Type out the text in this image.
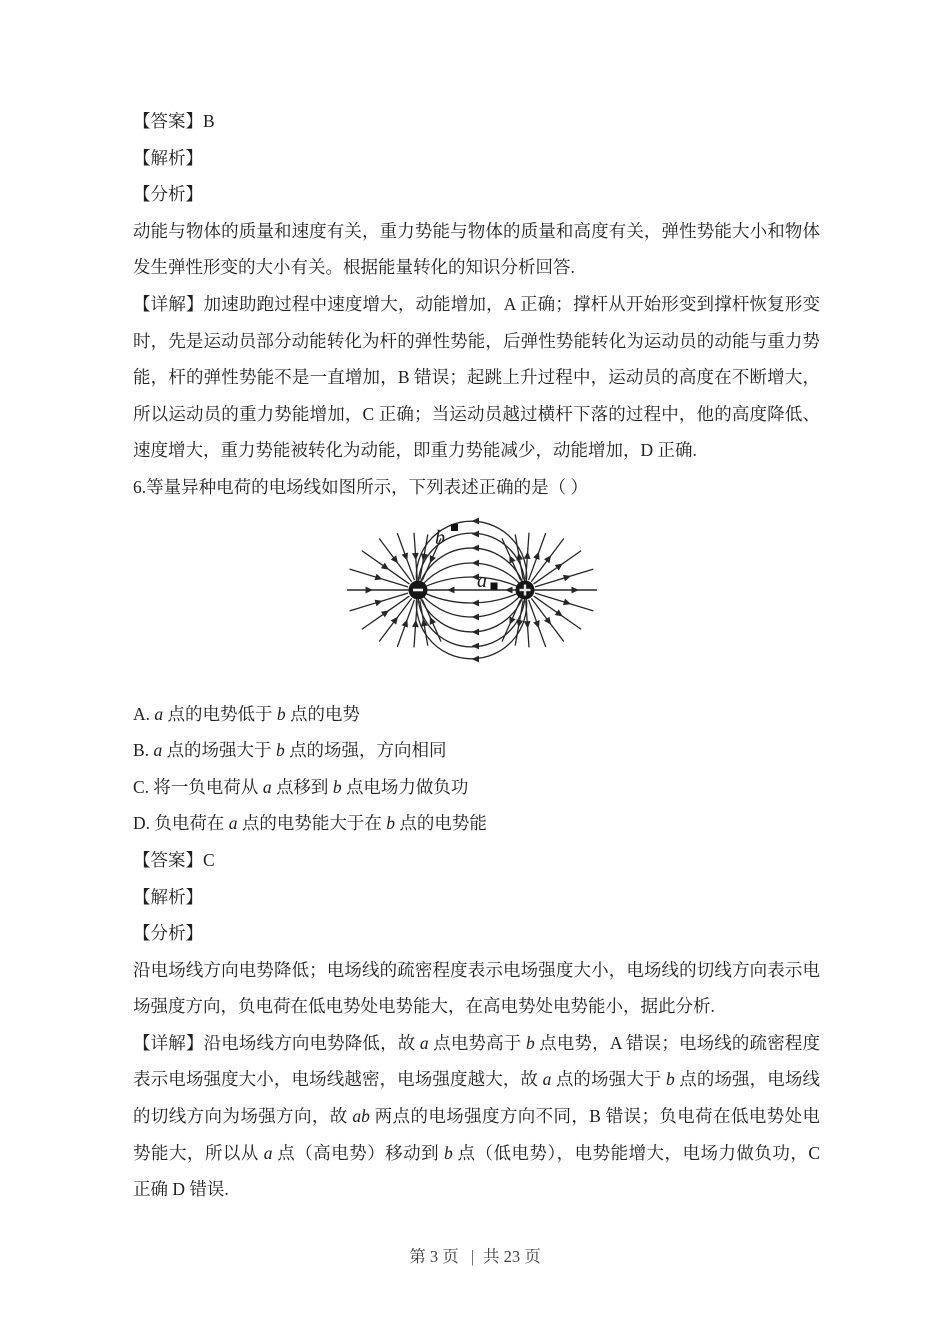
【答案】B

【解析】

【分析】

动能与物体的质量和速度有关，重力势能与物体的质量和高度有关，弹性势能大小和物体发生弹性形变的大小有关。根据能量转化的知识分析回答.

【详解】加速助跑过程中速度增大，动能增加，A 正确；撑杆从开始形变到撑杆恢复形变时，先是运动员部分动能转化为杆的弹性势能，后弹性势能转化为运动员的动能与重力势能，杆的弹性势能不是一直增加，B 错误；起跳上升过程中，运动员的高度在不断增大，所以运动员的重力势能增加，C 正确；当运动员越过横杆下落的过程中，他的高度降低、速度增大，重力势能被转化为动能，即重力势能减少，动能增加，D 正确.

6.等量异种电荷的电场线如图所示，下列表述正确的是（ ）

b
a

A. a 点的电势低于 b 点的电势

B. a 点的场强大于 b 点的场强，方向相同

C. 将一负电荷从 a 点移到 b 点电场力做负功

D. 负电荷在 a 点的电势能大于在 b 点的电势能

【答案】C

【解析】

【分析】

沿电场线方向电势降低；电场线的疏密程度表示电场强度大小，电场线的切线方向表示电场强度方向，负电荷在低电势处电势能大，在高电势处电势能小，据此分析.

【详解】沿电场线方向电势降低，故 a 点电势高于 b 点电势，A 错误；电场线的疏密程度表示电场强度大小，电场线越密，电场强度越大，故 a 点的场强大于 b 点的场强，电场线的切线方向为场强方向，故 ab 两点的电场强度方向不同，B 错误；负电荷在低电势处电势能大，所以从 a 点（高电势）移动到 b 点（低电势），电势能增大，电场力做负功，C 正确 D 错误.

第 3 页 | 共 23 页
